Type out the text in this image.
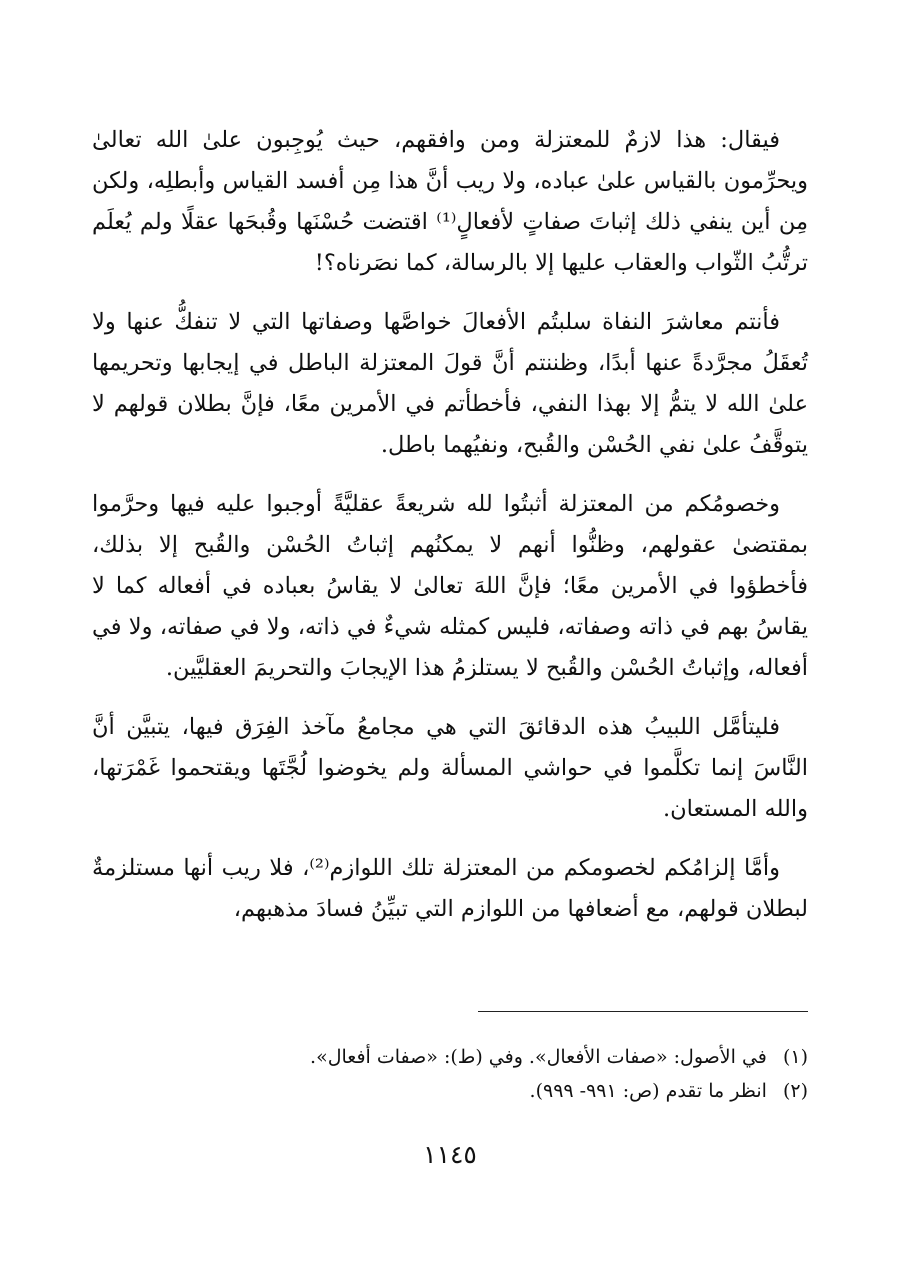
فيقال: هذا لازمٌ للمعتزلة ومن وافقهم، حيث يُوجِبون علىٰ الله تعالىٰ ويحرِّمون بالقياس علىٰ عباده، ولا ريب أنَّ هذا مِن أفسد القياس وأبطلِه، ولكن مِن أين ينفي ذلك إثباتَ صفاتٍ لأفعالٍ⁽¹⁾ اقتضت حُسْنَها وقُبحَها عقلًا ولم يُعلَم ترتُّبُ الثّواب والعقاب عليها إلا بالرسالة، كما نصَرناه؟!

فأنتم معاشرَ النفاة سلبتُم الأفعالَ خواصَّها وصفاتها التي لا تنفكُّ عنها ولا تُعقَلُ مجرَّدةً عنها أبدًا، وظننتم أنَّ قولَ المعتزلة الباطل في إيجابها وتحريمها علىٰ الله لا يتمُّ إلا بهذا النفي، فأخطأتم في الأمرين معًا، فإنَّ بطلان قولهم لا يتوقَّفُ علىٰ نفي الحُسْن والقُبح، ونفيُهما باطل.

وخصومُكم من المعتزلة أثبتُوا لله شريعةً عقليَّةً أوجبوا عليه فيها وحرَّموا بمقتضىٰ عقولهم، وظنُّوا أنهم لا يمكنُهم إثباتُ الحُسْن والقُبح إلا بذلك، فأخطؤوا في الأمرين معًا؛ فإنَّ اللهَ تعالىٰ لا يقاسُ بعباده في أفعاله كما لا يقاسُ بهم في ذاته وصفاته، فليس كمثله شيءٌ في ذاته، ولا في صفاته، ولا في أفعاله، وإثباتُ الحُسْن والقُبح لا يستلزمُ هذا الإيجابَ والتحريمَ العقليَّين.

فليتأمَّل اللبيبُ هذه الدقائقَ التي هي مجامعُ مآخذ الفِرَق فيها، يتبيَّن أنَّ النَّاسَ إنما تكلَّموا في حواشي المسألة ولم يخوضوا لُجَّتَها ويقتحموا غَمْرَتها، والله المستعان.

وأمَّا إلزامُكم لخصومكم من المعتزلة تلك اللوازم⁽²⁾، فلا ريب أنها مستلزمةٌ لبطلان قولهم، مع أضعافها من اللوازم التي تبيِّنُ فسادَ مذهبهم،

(١) في الأصول: «صفات الأفعال». وفي (ط): «صفات أفعال».

(٢) انظر ما تقدم (ص: ٩٩١- ٩٩٩).

١١٤٥
